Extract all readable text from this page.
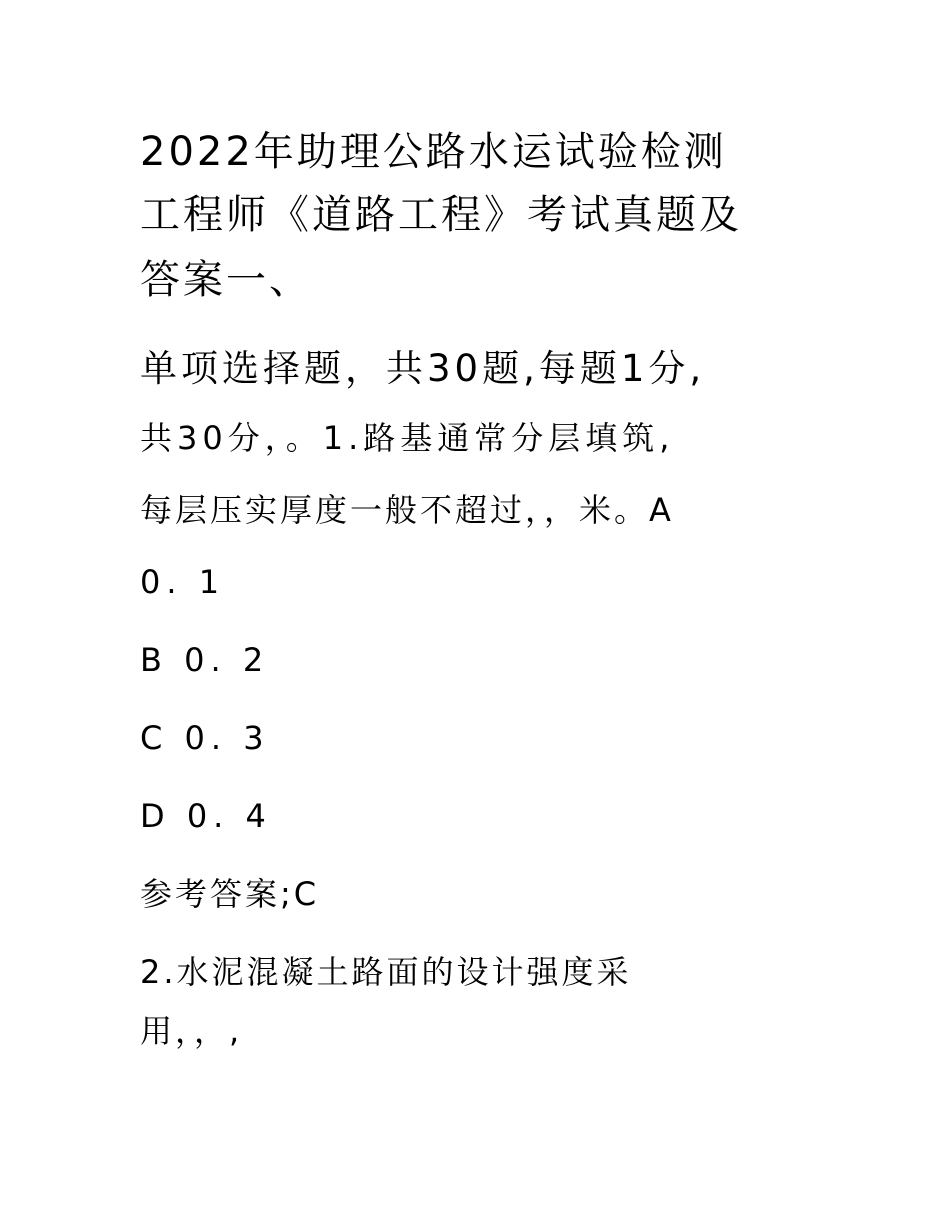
2022年助理公路水运试验检测
工程师《道路工程》考试真题及
答案一、
单项选择题，共30题,每题1分,
共30分，。1.路基通常分层填筑,
每层压实厚度一般不超过，，米。A
0. 1
B 0. 2
C 0. 3
D 0. 4
参考答案;C
2.水泥混凝土路面的设计强度采
用，，,
